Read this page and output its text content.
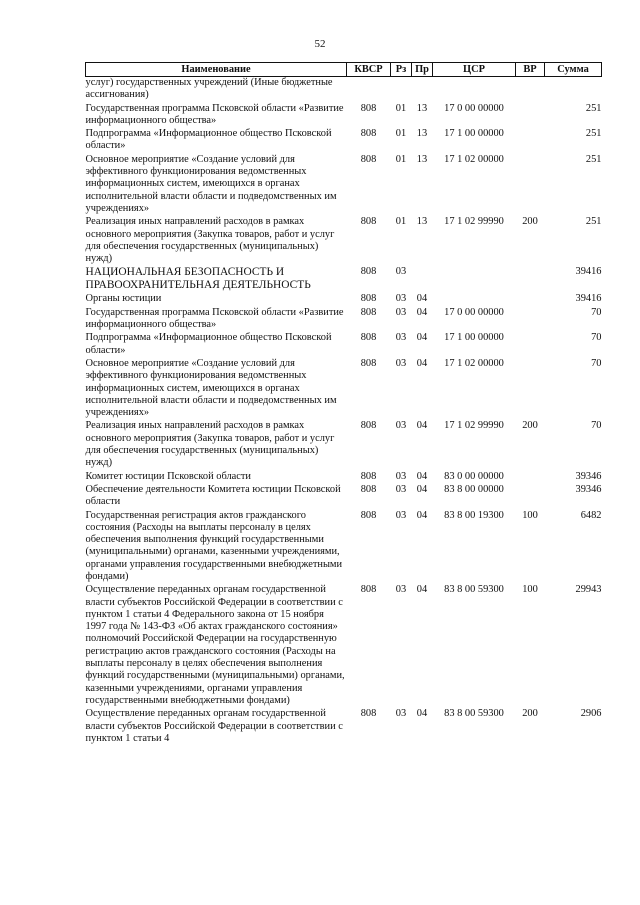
52
Наименование	КВСР	Рз	Пр	ЦСР	ВР	Сумма
услуг) государственных учреждений (Иные бюджетные ассигнования)						
Государственная программа Псковской области «Развитие информационного общества»	808	01	13	17 0 00 00000		251
Подпрограмма «Информационное общество Псковской области»	808	01	13	17 1 00 00000		251
Основное мероприятие «Создание условий для эффективного функционирования ведомственных информационных систем, имеющихся в органах исполнительной власти области и подведомственных им учреждениях»	808	01	13	17 1 02 00000		251
Реализация иных направлений расходов в рамках основного мероприятия (Закупка товаров, работ и услуг для обеспечения государственных (муниципальных) нужд)	808	01	13	17 1 02 99990	200	251
НАЦИОНАЛЬНАЯ БЕЗОПАСНОСТЬ И ПРАВООХРАНИТЕЛЬНАЯ ДЕЯТЕЛЬНОСТЬ	808	03				39416
Органы юстиции	808	03	04			39416
Государственная программа Псковской области «Развитие информационного общества»	808	03	04	17 0 00 00000		70
Подпрограмма «Информационное общество Псковской области»	808	03	04	17 1 00 00000		70
Основное мероприятие «Создание условий для эффективного функционирования ведомственных информационных систем, имеющихся в органах исполнительной власти области и подведомственных им учреждениях»	808	03	04	17 1 02 00000		70
Реализация иных направлений расходов в рамках основного мероприятия (Закупка товаров, работ и услуг для обеспечения государственных (муниципальных) нужд)	808	03	04	17 1 02 99990	200	70
Комитет юстиции Псковской области	808	03	04	83 0 00 00000		39346
Обеспечение деятельности Комитета юстиции Псковской области	808	03	04	83 8 00 00000		39346
Государственная регистрация актов гражданского состояния (Расходы на выплаты персоналу в целях обеспечения выполнения функций государственными (муниципальными) органами, казенными учреждениями, органами управления государственными внебюджетными фондами)	808	03	04	83 8 00 19300	100	6482
Осуществление переданных органам государственной власти субъектов Российской Федерации в соответствии с пунктом 1 статьи 4 Федерального закона от 15 ноября 1997 года № 143-ФЗ «Об актах гражданского состояния» полномочий Российской Федерации на государственную регистрацию актов гражданского состояния (Расходы на выплаты персоналу в целях обеспечения выполнения функций государственными (муниципальными) органами, казенными учреждениями, органами управления государственными внебюджетными фондами)	808	03	04	83 8 00 59300	100	29943
Осуществление переданных органам государственной власти субъектов Российской Федерации в соответствии с пунктом 1 статьи 4	808	03	04	83 8 00 59300	200	2906
